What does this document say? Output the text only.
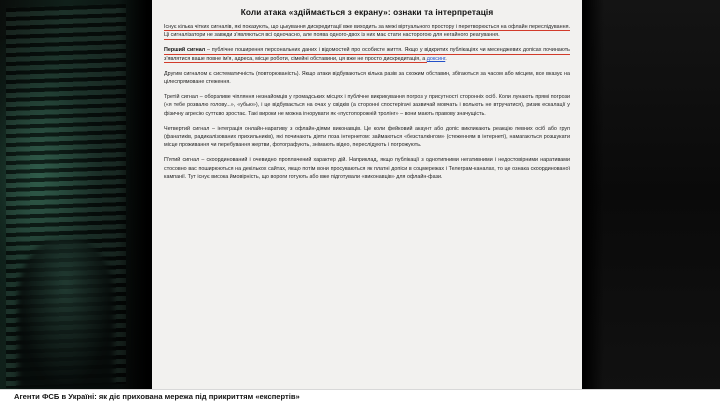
Коли атака «здіймається з екрану»: ознаки та інтерпретація

Існує кілька чітких сигналів, які показують, що цькування дискредитації вже виходить за межі віртуального простору і перетворюється на офлайн переслідування. Ці сигналізатори не завжди з'являються всі одночасно, але поява одного-двох із них має стати насторогою для негайного реагування.

Перший сигнал – публічне поширення персональних даних і відомостей про особисте життя. Якщо у відкритих публікаціях чи месенджевих допісах починають з'являтися ваше повне ім'я, адреса, місце роботи, сімейні обставини, ця вже не просто дискредитація, а доксинг.

Другим сигналом є систематичність (повторюваність). Якщо атаки відбуваються кілька разів за схожим обставин, збігаються за часом або місцем, все вказує на цілеспрямоване стеження.

Третій сигнал – оборзливе чіпляння незнайомців у громадських місцях і публічне викрикування погроз у присутності сторонніх осіб. Коли лунають прямі погрози («я тебе розвалю голову...», «убью»), і це відбувається на очах у свідків (а сторонні спостерігачі зазвичай мовчать і вольють не втручатися), ризик ескалації у фізичну агресію суттєво зростає. Такі вироки не можна ігнорувати як «пустопорожній тролінг» – вони мають правову значущість.

Четвертий сигнал – інтеграція онлайн-наративу з офлайн-діями виконавців. Це коли фейковий акаунт або допіс викликають реакцію певних осіб або груп (фанатиків, радикалізованих прихильників), які починають діяти поза інтернетом: займаються «безсталкінгом» (стеженням в інтернеті), намагаються розшукати місце проживання чи перебування жертви, фотографують, знімають відео, переслідують і погрожують.

П'ятий сигнал – скоординований і очевидно проплачений характер дій. Наприклад, якщо публікації з однотипними негативними і недостовірними наративами стосовно вас поширюються на декількох сайтах, якщо потім вони просуваються як платні допіси в соцмережах і Телеграм-каналах, то це ознака скоординованої кампанії. Тут існує висока ймовірність, що вороги готують або вже підготували «виконавців» для офлайн-фази.

Агенти ФСБ в Україні: як діє прихована мережа під прикриттям «експертів»
